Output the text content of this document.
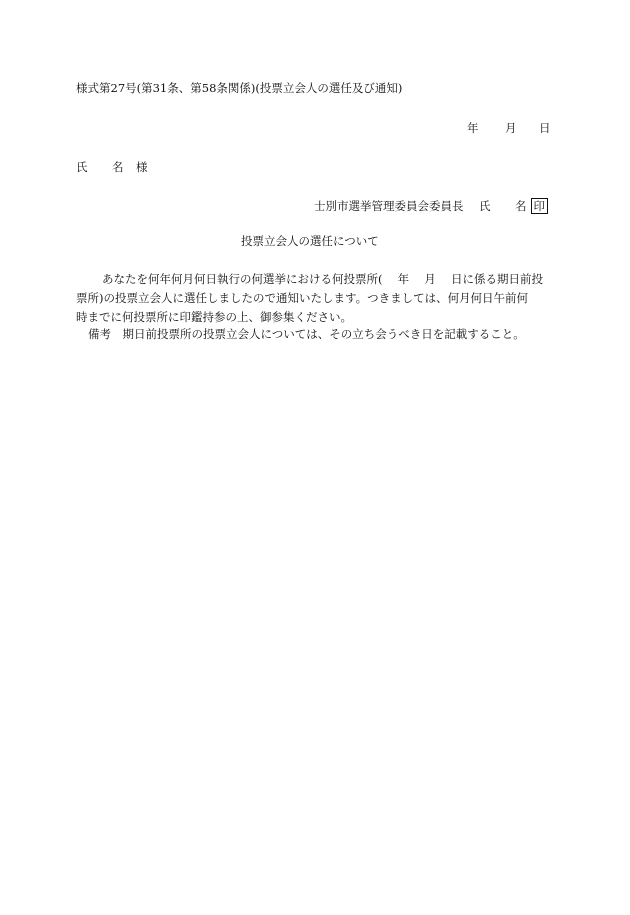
様式第27号(第31条、第58条関係)(投票立会人の選任及び通知)
年 月 日
氏 名 様
士別市選挙管理委員会委員長 氏 名 印
投票立会人の選任について
あなたを何年何月何日執行の何選挙における何投票所(　 年　 月　 日に係る期日前投
票所)の投票立会人に選任しましたので通知いたします。つきましては、何月何日午前何
時までに何投票所に印鑑持参の上、御参集ください。
備考　期日前投票所の投票立会人については、その立ち会うべき日を記載すること。
